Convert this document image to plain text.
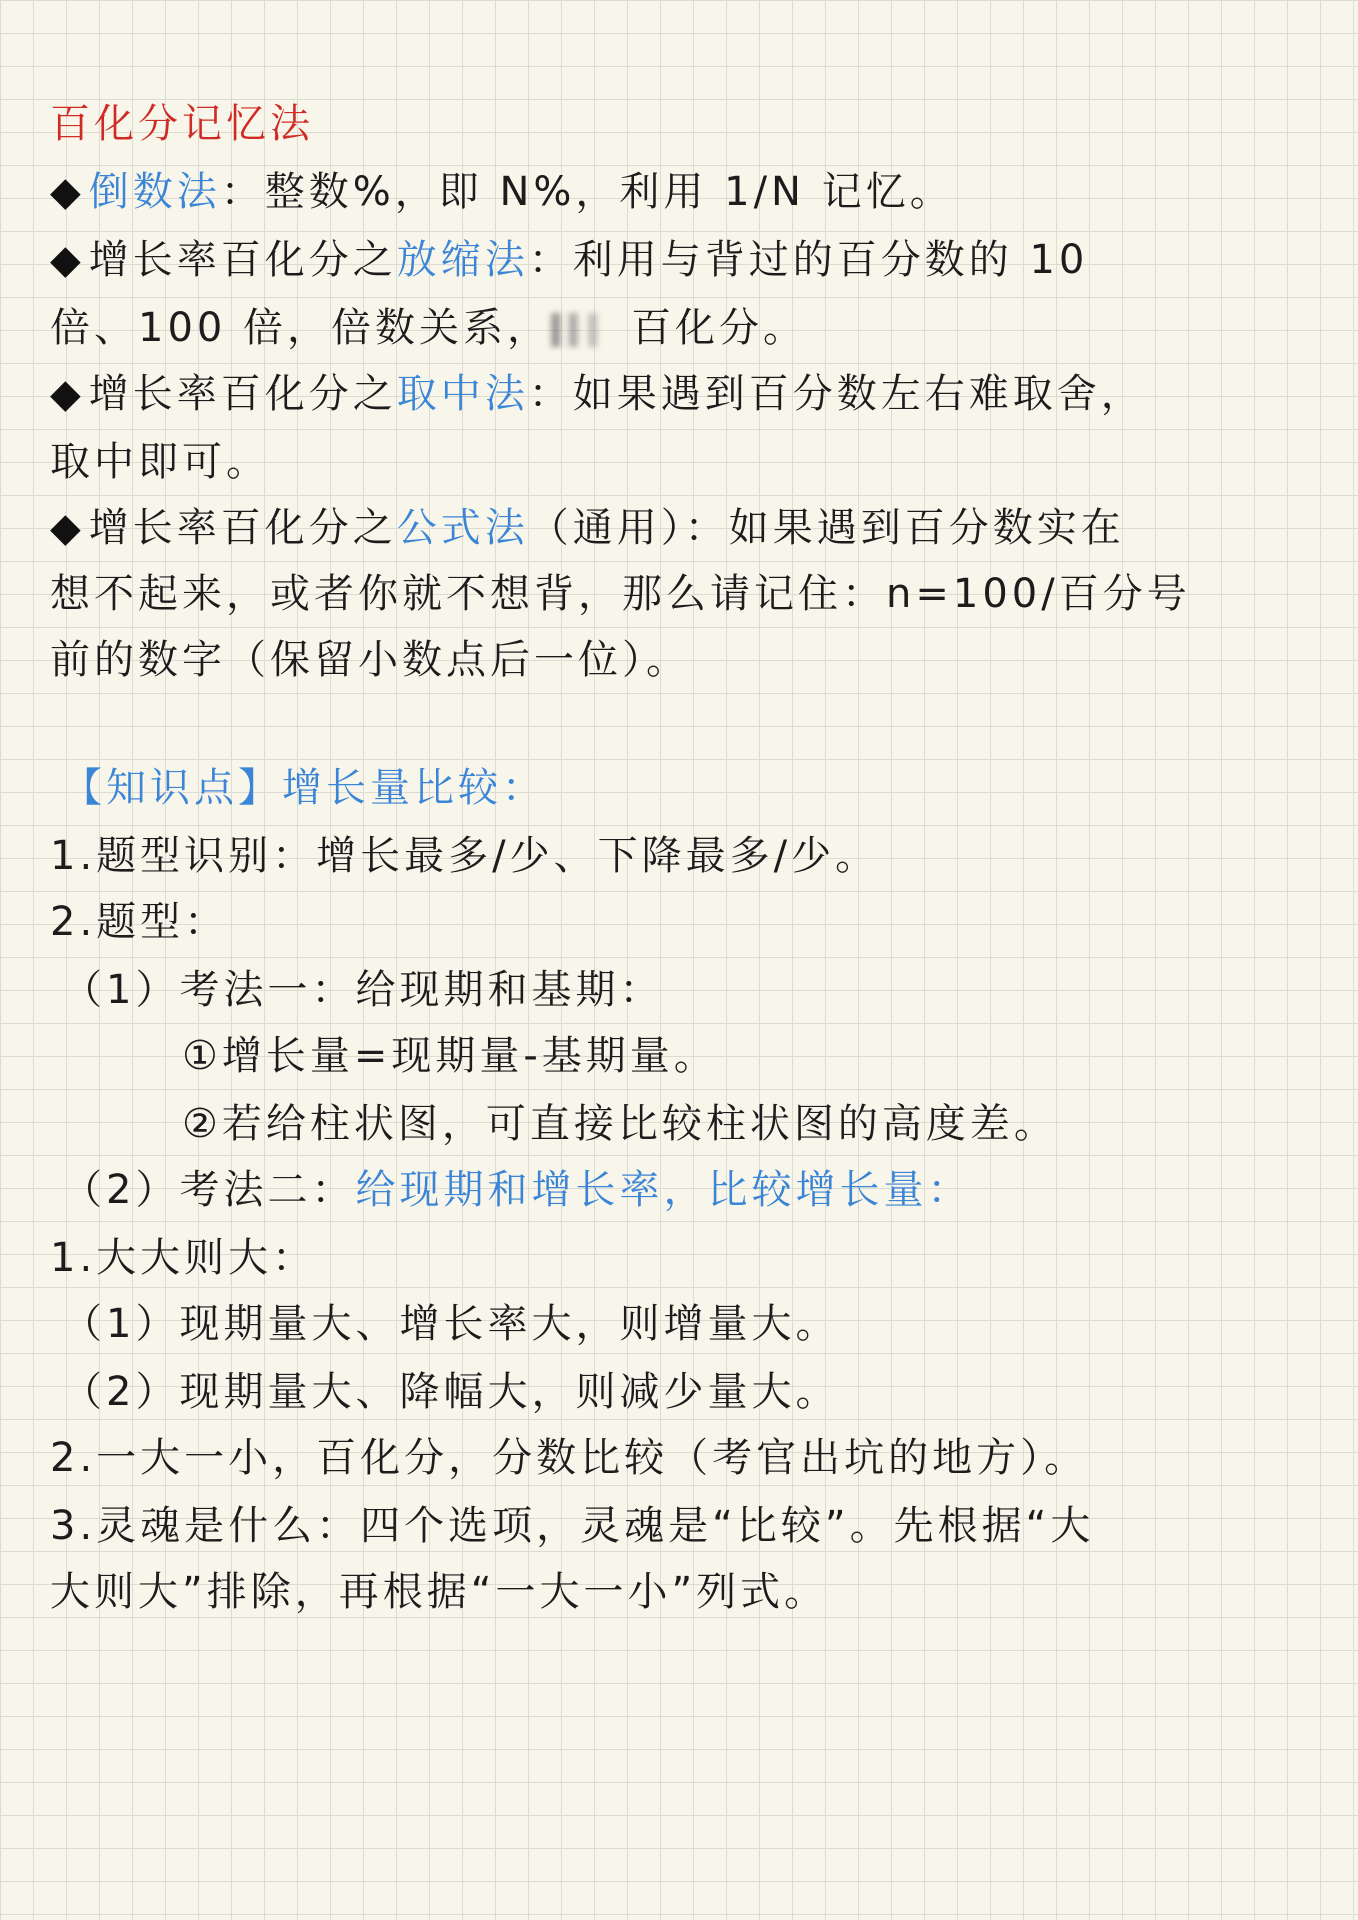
百化分记忆法
◆ 倒数法：整数%，即 N%，利用 1/N 记忆。
◆ 增长率百化分之放缩法：利用与背过的百分数的 10
倍、100 倍，倍数关系， 百化分。
◆ 增长率百化分之取中法：如果遇到百分数左右难取舍，
取中即可。
◆ 增长率百化分之公式法（通用）：如果遇到百分数实在
想不起来，或者你就不想背，那么请记住：n=100/百分号
前的数字（保留小数点后一位）。
【知识点】增长量比较：
1.题型识别：增长最多/少、下降最多/少。
2.题型：
（1）考法一：给现期和基期：
①增长量=现期量-基期量。
②若给柱状图，可直接比较柱状图的高度差。
（2）考法二：给现期和增长率，比较增长量：
1.大大则大：
（1）现期量大、增长率大，则增量大。
（2）现期量大、降幅大，则减少量大。
2.一大一小，百化分，分数比较（考官出坑的地方）。
3.灵魂是什么：四个选项，灵魂是“比较”。先根据“大
大则大”排除，再根据“一大一小”列式。
